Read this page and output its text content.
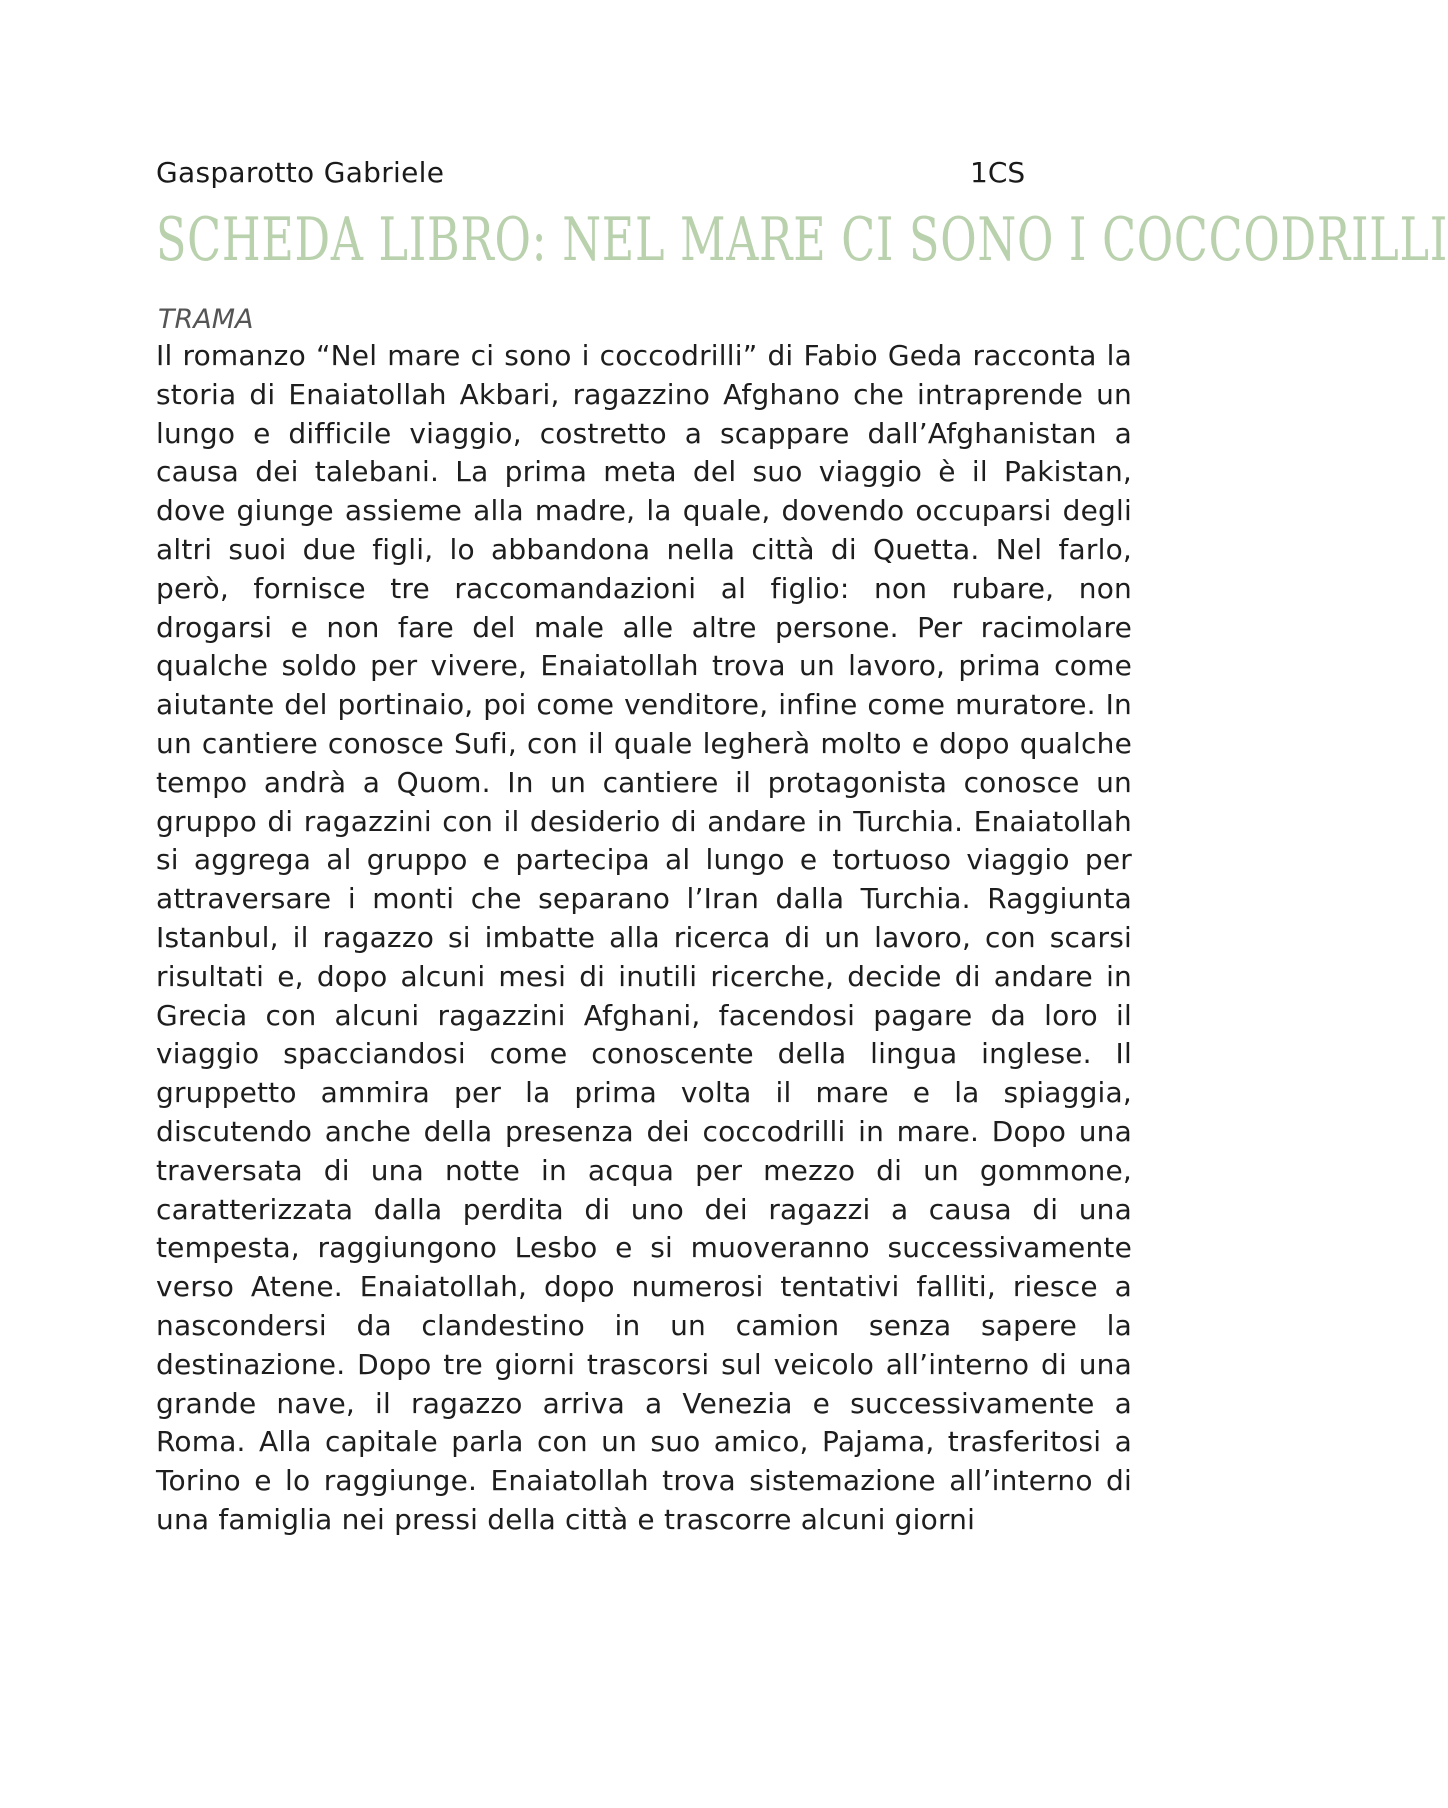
Gasparotto Gabriele	1CS
SCHEDA LIBRO: NEL MARE CI SONO I COCCODRILLI
TRAMA

Il romanzo “Nel mare ci sono i coccodrilli” di Fabio Geda racconta la storia di Enaiatollah Akbari, ragazzino Afghano che intraprende un lungo e difficile viaggio, costretto a scappare dall’Afghanistan a causa dei talebani. La prima meta del suo viaggio è il Pakistan, dove giunge assieme alla madre, la quale, dovendo occuparsi degli altri suoi due figli, lo abbandona nella città di Quetta. Nel farlo, però, fornisce tre raccomandazioni al figlio: non rubare, non drogarsi e non fare del male alle altre persone. Per racimolare qualche soldo per vivere, Enaiatollah trova un lavoro, prima come aiutante del portinaio, poi come venditore, infine come muratore. In un cantiere conosce Sufi, con il quale legherà molto e dopo qualche tempo andrà a Quom. In un cantiere il protagonista conosce un gruppo di ragazzini con il desiderio di andare in Turchia. Enaiatollah si aggrega al gruppo e partecipa al lungo e tortuoso viaggio per attraversare i monti che separano l’Iran dalla Turchia. Raggiunta Istanbul, il ragazzo si imbatte alla ricerca di un lavoro, con scarsi risultati e, dopo alcuni mesi di inutili ricerche, decide di andare in Grecia con alcuni ragazzini Afghani, facendosi pagare da loro il viaggio spacciandosi come conoscente della lingua inglese. Il gruppetto ammira per la prima volta il mare e la spiaggia, discutendo anche della presenza dei coccodrilli in mare. Dopo una traversata di una notte in acqua per mezzo di un gommone, caratterizzata dalla perdita di uno dei ragazzi a causa di una tempesta, raggiungono Lesbo e si muoveranno successivamente verso Atene. Enaiatollah, dopo numerosi tentativi falliti, riesce a nascondersi da clandestino in un camion senza sapere la destinazione. Dopo tre giorni trascorsi sul veicolo all’interno di una grande nave, il ragazzo arriva a Venezia e successivamente a Roma. Alla capitale parla con un suo amico, Pajama, trasferitosi a Torino e lo raggiunge. Enaiatollah trova sistemazione all’interno di una famiglia nei pressi della città e trascorre alcuni giorni
